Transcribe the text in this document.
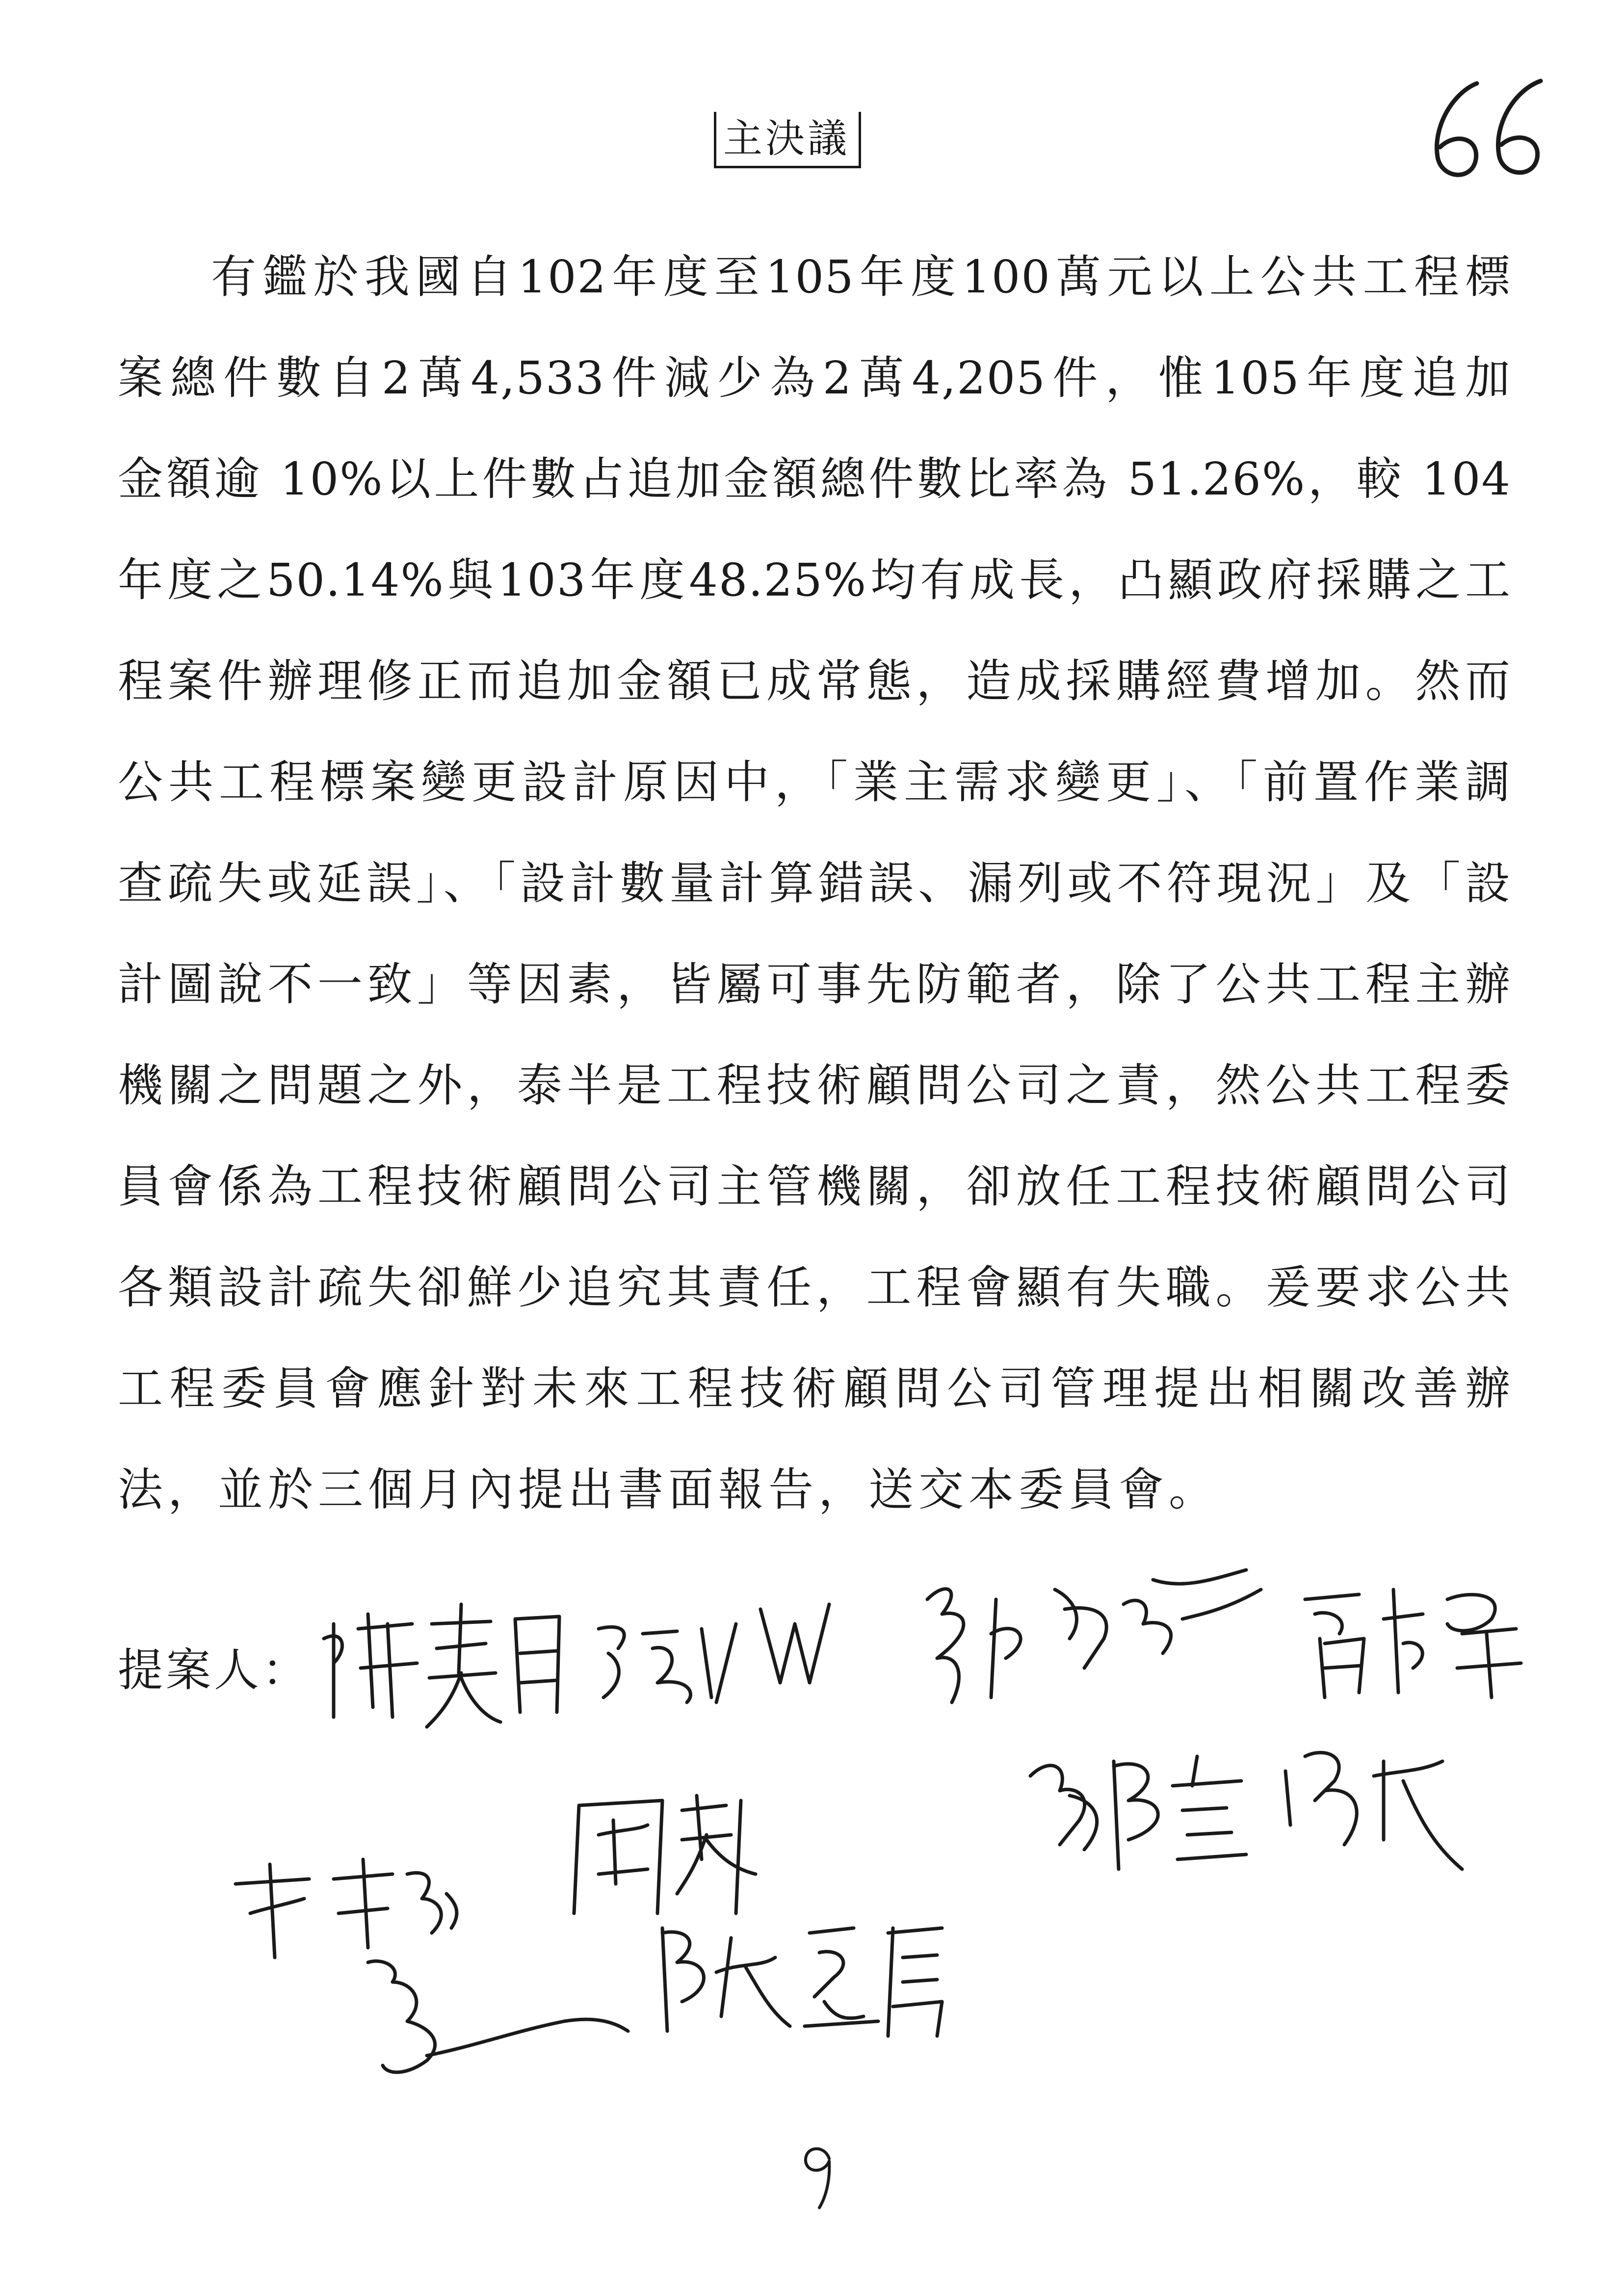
主決議
有鑑於我國自102年度至105年度100萬元以上公共工程標
案總件數自2萬4,533件減少為2萬4,205件，惟105年度追加
金額逾 10%以上件數占追加金額總件數比率為 51.26%，較 104
年度之50.14%與103年度48.25%均有成長，凸顯政府採購之工
程案件辦理修正而追加金額已成常態，造成採購經費增加。然而
公共工程標案變更設計原因中，「業主需求變更」、「前置作業調
查疏失或延誤」、「設計數量計算錯誤、漏列或不符現況」及「設
計圖說不一致」等因素，皆屬可事先防範者，除了公共工程主辦
機關之問題之外，泰半是工程技術顧問公司之責，然公共工程委
員會係為工程技術顧問公司主管機關，卻放任工程技術顧問公司
各類設計疏失卻鮮少追究其責任，工程會顯有失職。爰要求公共
工程委員會應針對未來工程技術顧問公司管理提出相關改善辦
法，並於三個月內提出書面報告，送交本委員會。
提案人：
